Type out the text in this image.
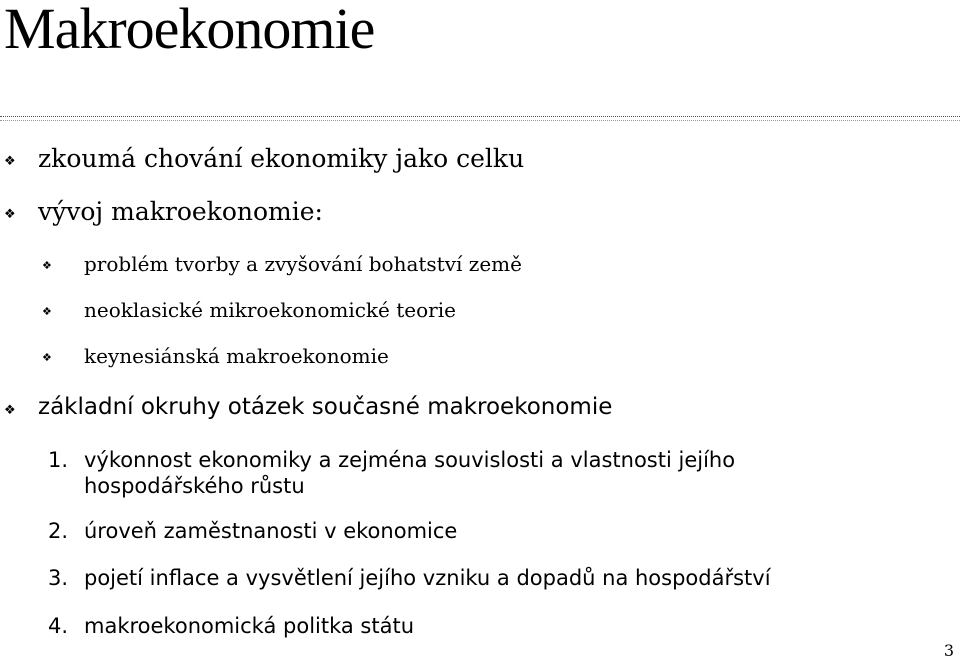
Makroekonomie
❖ zkoumá chování ekonomiky jako celku
❖ vývoj makroekonomie:
❖ problém tvorby a zvyšování bohatství země
❖ neoklasické mikroekonomické teorie
❖ keynesiánská makroekonomie
❖ základní okruhy otázek současné makroekonomie
1. výkonnost ekonomiky a zejména souvislosti a vlastnosti jejího
hospodářského růstu
2. úroveň zaměstnanosti v ekonomice
3. pojetí inflace a vysvětlení jejího vzniku a dopadů na hospodářství
4. makroekonomická politka státu
3
